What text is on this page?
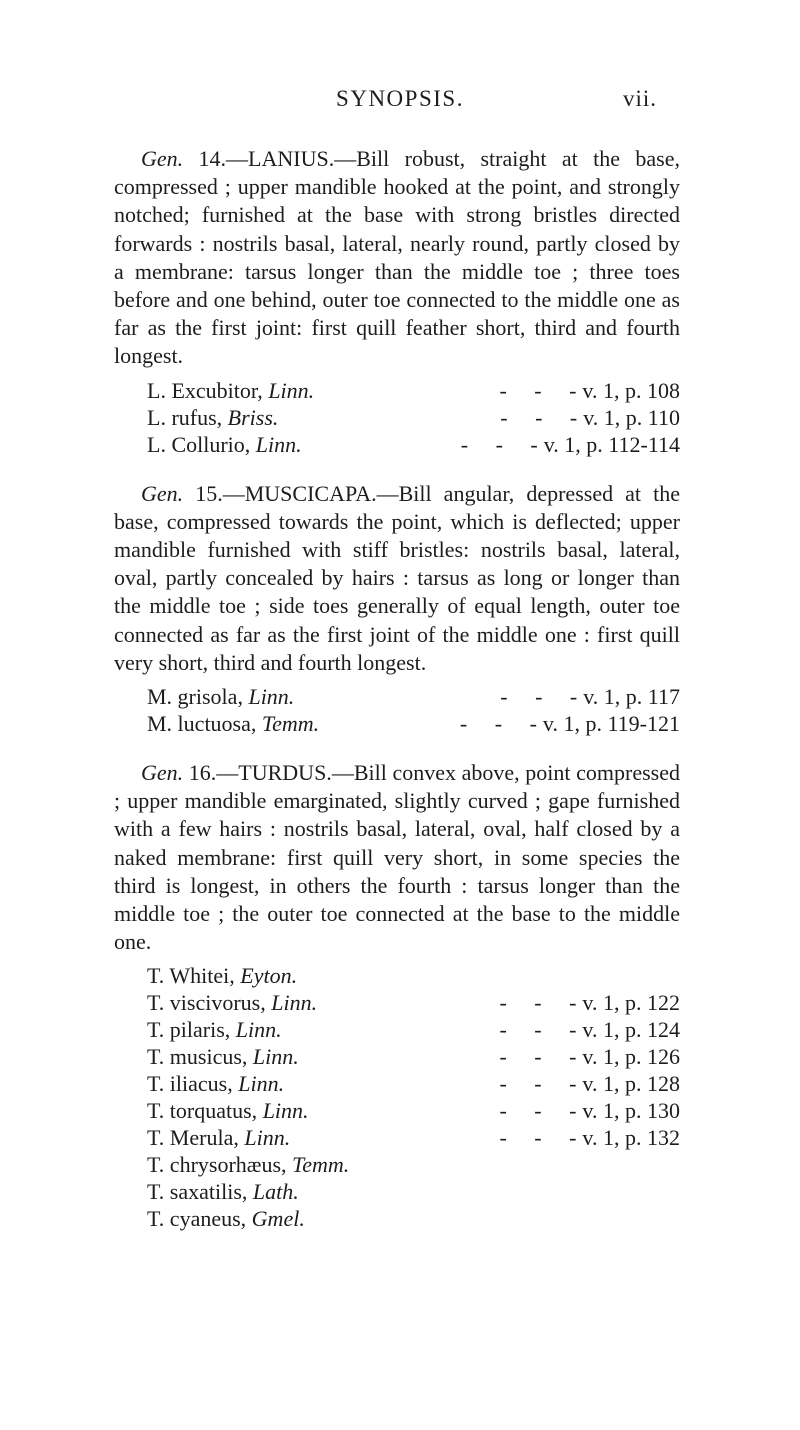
SYNOPSIS.	vii.

Gen. 14.—LANIUS.—Bill robust, straight at the base, compressed ; upper mandible hooked at the point, and strongly notched; furnished at the base with strong bristles directed forwards : nostrils basal, lateral, nearly round, partly closed by a membrane: tarsus longer than the middle toe ; three toes before and one behind, outer toe connected to the middle one as far as the first joint: first quill feather short, third and fourth longest.

L. Excubitor, Linn.	-     -     - v. 1, p. 108
L. rufus, Briss.	-     -     - v. 1, p. 110
L. Collurio, Linn.	-     -     - v. 1, p. 112-114

Gen. 15.—MUSCICAPA.—Bill angular, depressed at the base, compressed towards the point, which is deflected; upper mandible furnished with stiff bristles: nostrils basal, lateral, oval, partly concealed by hairs : tarsus as long or longer than the middle toe ; side toes generally of equal length, outer toe connected as far as the first joint of the middle one : first quill very short, third and fourth longest.

M. grisola, Linn.	-     -     - v. 1, p. 117
M. luctuosa, Temm.	-     -     - v. 1, p. 119-121

Gen. 16.—TURDUS.—Bill convex above, point compressed ; upper mandible emarginated, slightly curved ; gape furnished with a few hairs : nostrils basal, lateral, oval, half closed by a naked membrane: first quill very short, in some species the third is longest, in others the fourth : tarsus longer than the middle toe ; the outer toe connected at the base to the middle one.

T. Whitei, Eyton.
T. viscivorus, Linn.	-     -     - v. 1, p. 122
T. pilaris, Linn.	-     -     - v. 1, p. 124
T. musicus, Linn.	-     -     - v. 1, p. 126
T. iliacus, Linn.	-     -     - v. 1, p. 128
T. torquatus, Linn.	-     -     - v. 1, p. 130
T. Merula, Linn.	-     -     - v. 1, p. 132
T. chrysorhæus, Temm.
T. saxatilis, Lath.
T. cyaneus, Gmel.
